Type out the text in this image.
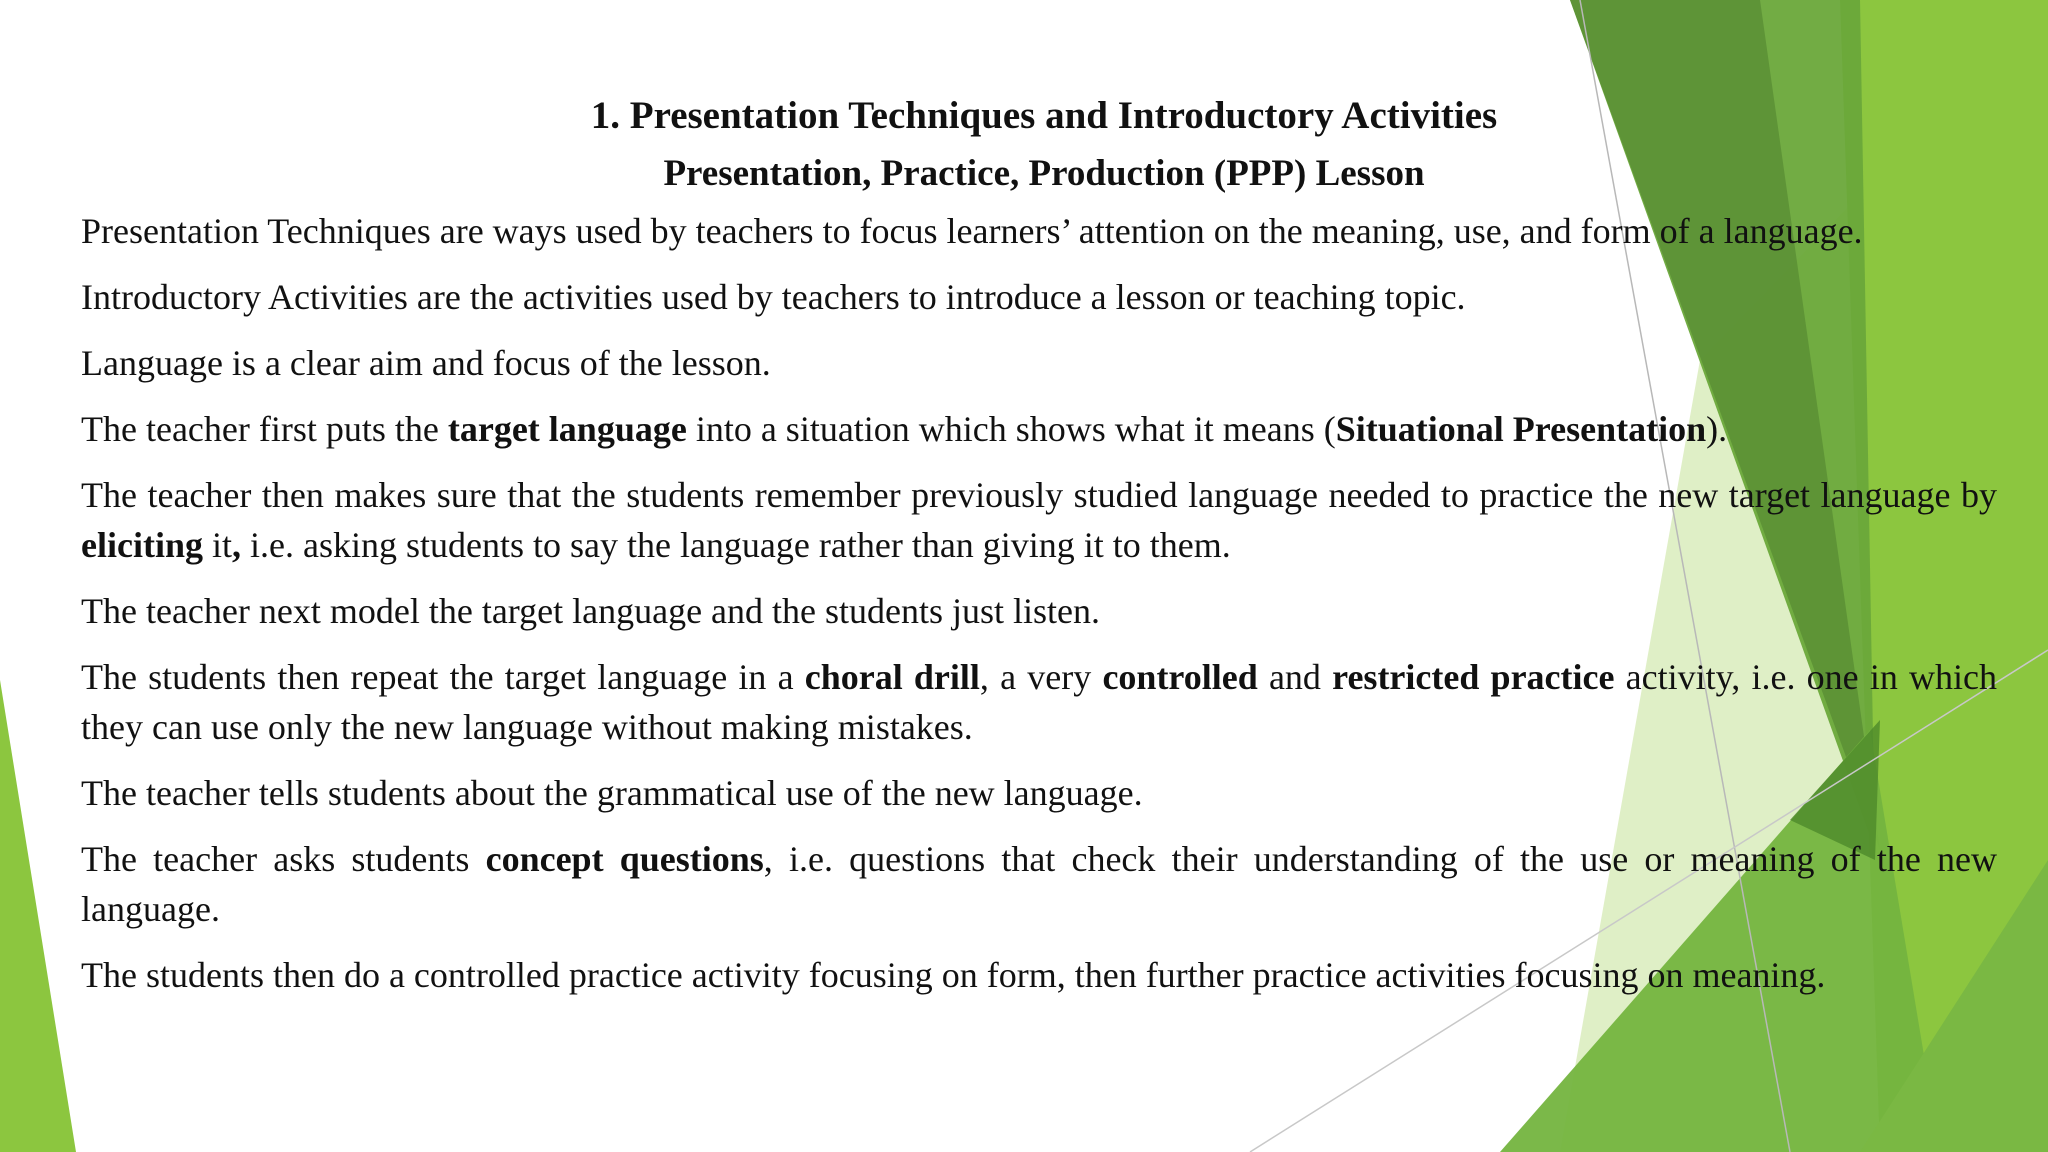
1. Presentation Techniques and Introductory Activities
Presentation, Practice, Production (PPP) Lesson

Presentation Techniques are ways used by teachers to focus learners’ attention on the meaning, use, and form of a language.

Introductory Activities are the activities used by teachers to introduce a lesson or teaching topic.

Language is a clear aim and focus of the lesson.

The teacher first puts the target language into a situation which shows what it means (Situational Presentation).

The teacher then makes sure that the students remember previously studied language needed to practice the new target language by eliciting it, i.e. asking students to say the language rather than giving it to them.

The teacher next model the target language and the students just listen.

The students then repeat the target language in a choral drill, a very controlled and restricted practice activity, i.e. one in which they can use only the new language without making mistakes.

The teacher tells students about the grammatical use of the new language.

The teacher asks students concept questions, i.e. questions that check their understanding of the use or meaning of the new language.

The students then do a controlled practice activity focusing on form, then further practice activities focusing on meaning.
